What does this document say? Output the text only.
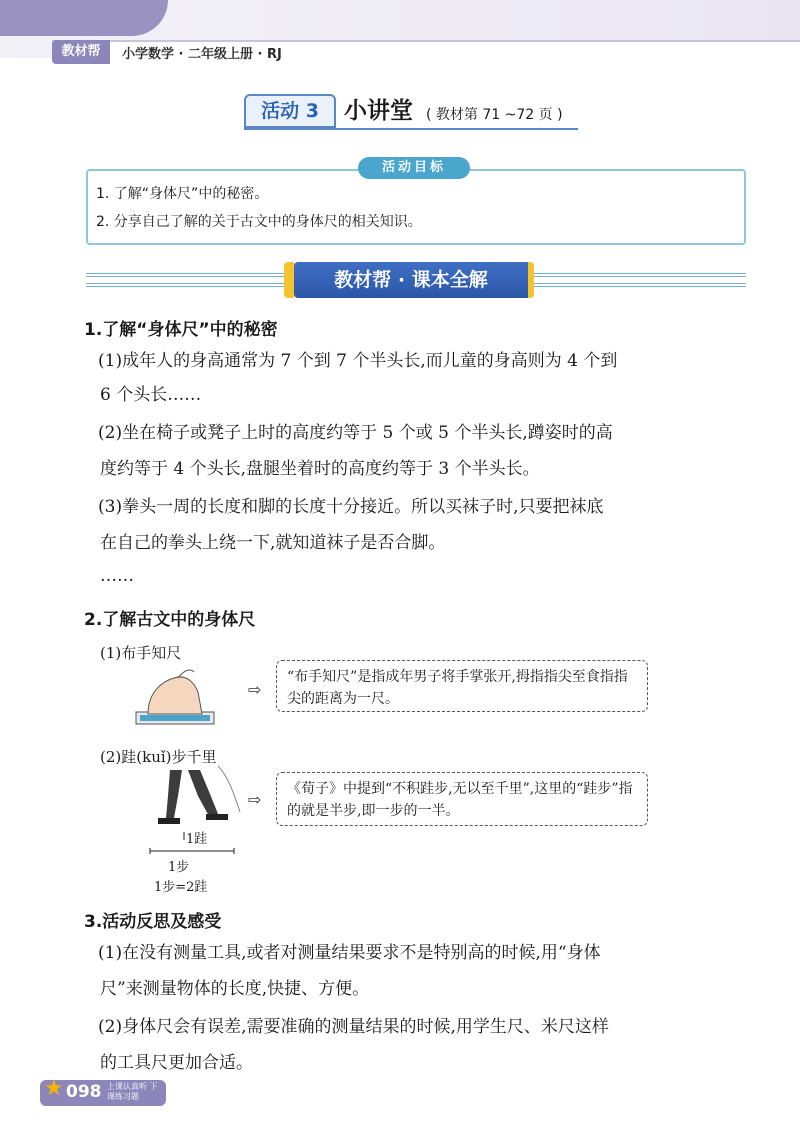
教材帮	小学数学 · 二年级上册 · RJ
活动 3	小讲堂 ( 教材第 71 ~72 页 )
活动目标
1. 了解“身体尺”中的秘密。
2. 分享自己了解的关于古文中的身体尺的相关知识。
教材帮 · 课本全解
1.了解“身体尺”中的秘密
(1)成年人的身高通常为 7 个到 7 个半头长,而儿童的身高则为 4 个到
6 个头长……
(2)坐在椅子或凳子上时的高度约等于 5 个或 5 个半头长,蹲姿时的高
度约等于 4 个头长,盘腿坐着时的高度约等于 3 个半头长。
(3)拳头一周的长度和脚的长度十分接近。所以买袜子时,只要把袜底
在自己的拳头上绕一下,就知道袜子是否合脚。
……
2.了解古文中的身体尺
(1)布手知尺
⇨
“布手知尺”是指成年男子将手掌张开,拇指指尖至食指指尖的距离为一尺。
(2)跬(kuǐ)步千里
1跬
1步
1步=2跬
⇨
《荀子》中提到“不积跬步,无以至千里”,这里的“跬步”指的就是半步,即一步的一半。
3.活动反思及感受
(1)在没有测量工具,或者对测量结果要求不是特别高的时候,用“身体
尺”来测量物体的长度,快捷、方便。
(2)身体尺会有误差,需要准确的测量结果的时候,用学生尺、米尺这样
的工具尺更加合适。
★ 098 上课认真听 下课练习题
